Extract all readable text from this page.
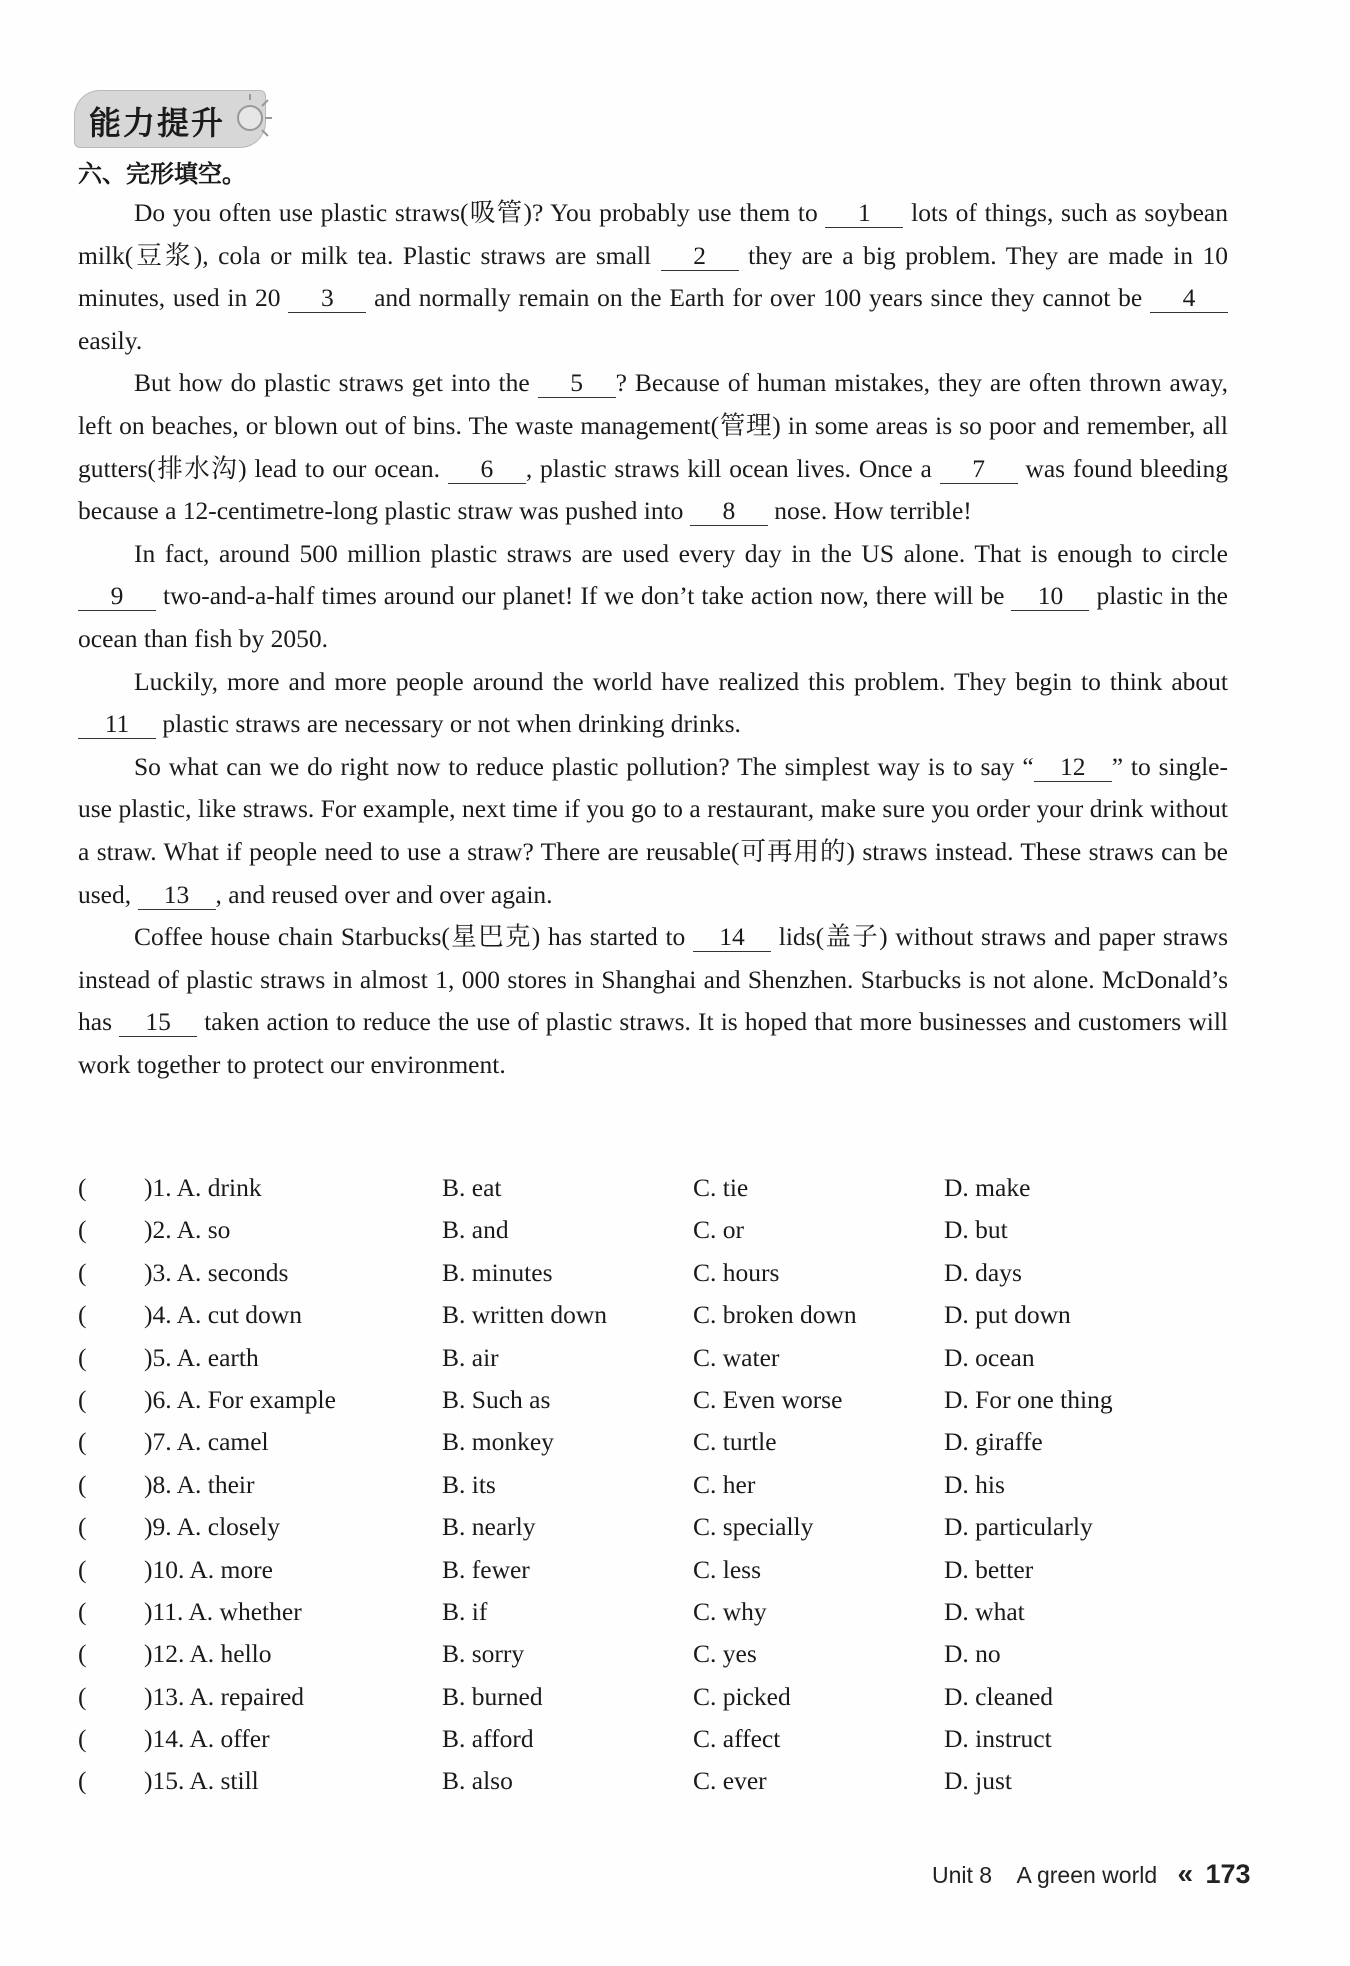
能力提升
六、完形填空。

Do you often use plastic straws(吸管)? You probably use them to 1 lots of things, such as soybean milk(豆浆), cola or milk tea. Plastic straws are small 2 they are a big problem. They are made in 10 minutes, used in 20 3 and normally remain on the Earth for over 100 years since they cannot be 4 easily.

But how do plastic straws get into the 5 ? Because of human mistakes, they are often thrown away, left on beaches, or blown out of bins. The waste management(管理) in some areas is so poor and remember, all gutters(排水沟) lead to our ocean. 6 , plastic straws kill ocean lives. Once a 7 was found bleeding because a 12-centimetre-long plastic straw was pushed into 8 nose. How terrible!

In fact, around 500 million plastic straws are used every day in the US alone. That is enough to circle 9 two-and-a-half times around our planet! If we don’t take action now, there will be 10 plastic in the ocean than fish by 2050.

Luckily, more and more people around the world have realized this problem. They begin to think about 11 plastic straws are necessary or not when drinking drinks.

So what can we do right now to reduce plastic pollution? The simplest way is to say “ 12 ” to single-use plastic, like straws. For example, next time if you go to a restaurant, make sure you order your drink without a straw. What if people need to use a straw? There are reusable(可再用的) straws instead. These straws can be used, 13 , and reused over and over again.

Coffee house chain Starbucks(星巴克) has started to 14 lids(盖子) without straws and paper straws instead of plastic straws in almost 1, 000 stores in Shanghai and Shenzhen. Starbucks is not alone. McDonald’s has 15 taken action to reduce the use of plastic straws. It is hoped that more businesses and customers will work together to protect our environment.

( )1. A. drink	B. eat	C. tie	D. make
( )2. A. so	B. and	C. or	D. but
( )3. A. seconds	B. minutes	C. hours	D. days
( )4. A. cut down	B. written down	C. broken down	D. put down
( )5. A. earth	B. air	C. water	D. ocean
( )6. A. For example	B. Such as	C. Even worse	D. For one thing
( )7. A. camel	B. monkey	C. turtle	D. giraffe
( )8. A. their	B. its	C. her	D. his
( )9. A. closely	B. nearly	C. specially	D. particularly
( )10. A. more	B. fewer	C. less	D. better
( )11. A. whether	B. if	C. why	D. what
( )12. A. hello	B. sorry	C. yes	D. no
( )13. A. repaired	B. burned	C. picked	D. cleaned
( )14. A. offer	B. afford	C. affect	D. instruct
( )15. A. still	B. also	C. ever	D. just
Unit 8 A green world « 173
